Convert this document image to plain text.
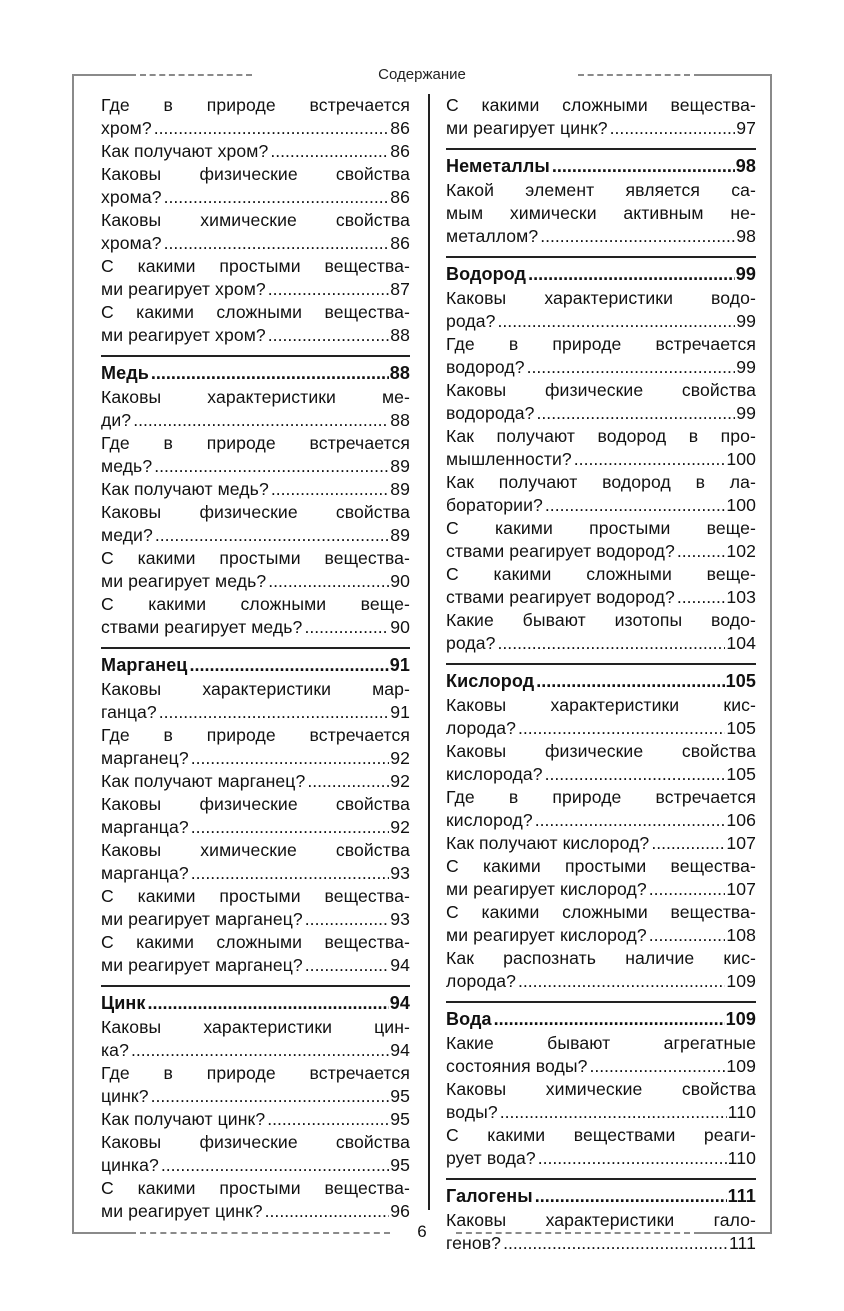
Содержание
Где в природе встречается
хром? .....	86
Как получают хром? .....	86
Каковы физические свойства
хрома? .....	86
Каковы химические свойства
хрома? .....	86
С какими простыми вещества-
ми реагирует хром? .....	87
С какими сложными вещества-
ми реагирует хром? .....	88
Медь .....	88
Каковы характеристики ме-
ди? .....	88
Где в природе встречается
медь? .....	89
Как получают медь? .....	89
Каковы физические свойства
меди? .....	89
С какими простыми вещества-
ми реагирует медь? .....	90
С какими сложными веще-
ствами реагирует медь? .....	90
Марганец .....	91
Каковы характеристики мар-
ганца? .....	91
Где в природе встречается
марганец? .....	92
Как получают марганец? .....	92
Каковы физические свойства
марганца? .....	92
Каковы химические свойства
марганца? .....	93
С какими простыми вещества-
ми реагирует марганец? .....	93
С какими сложными вещества-
ми реагирует марганец? .....	94
Цинк .....	94
Каковы характеристики цин-
ка? .....	94
Где в природе встречается
цинк? .....	95
Как получают цинк? .....	95
Каковы физические свойства
цинка? .....	95
С какими простыми вещества-
ми реагирует цинк? .....	96
С какими сложными вещества-
ми реагирует цинк? .....	97
Неметаллы .....	98
Какой элемент является са-
мым химически активным не-
металлом? .....	98
Водород .....	99
Каковы характеристики водо-
рода? .....	99
Где в природе встречается
водород? .....	99
Каковы физические свойства
водорода? .....	99
Как получают водород в про-
мышленности? .....	100
Как получают водород в ла-
боратории? .....	100
С какими простыми веще-
ствами реагирует водород? .....	102
С какими сложными веще-
ствами реагирует водород? .....	103
Какие бывают изотопы водо-
рода? .....	104
Кислород .....	105
Каковы характеристики кис-
лорода? .....	105
Каковы физические свойства
кислорода? .....	105
Где в природе встречается
кислород? .....	106
Как получают кислород? .....	107
С какими простыми вещества-
ми реагирует кислород? .....	107
С какими сложными вещества-
ми реагирует кислород? .....	108
Как распознать наличие кис-
лорода? .....	109
Вода .....	109
Какие бывают агрегатные
состояния воды? .....	109
Каковы химические свойства
воды? .....	110
С какими веществами реаги-
рует вода? .....	110
Галогены .....	111
Каковы характеристики гало-
генов? .....	111
6
